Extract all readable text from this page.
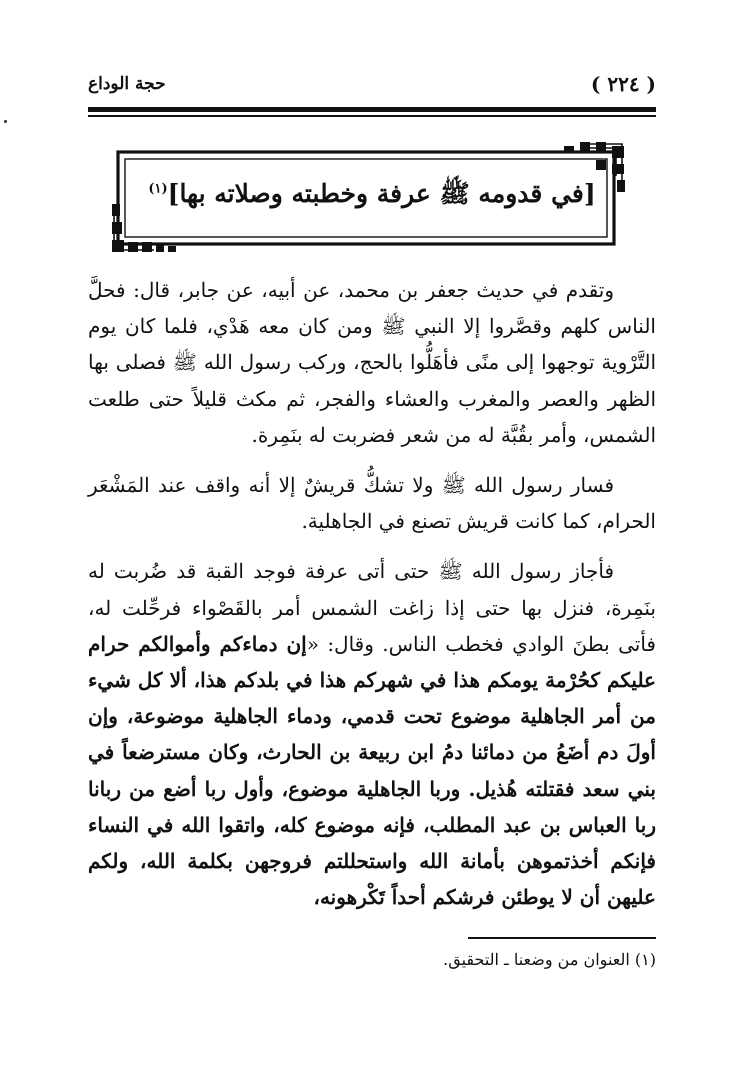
( ٢٢٤ )
حجة الوداع
[في قدومه ﷺ عرفة وخطبته وصلاته بها]$^{(١)}$

وتقدم في حديث جعفر بن محمد، عن أبيه، عن جابر، قال: فحلَّ الناس كلهم وقصَّروا إلا النبي ﷺ ومن كان معه هَدْي، فلما كان يوم التَّرْوية توجهوا إلى منًى فأهَلُّوا بالحج، وركب رسول الله ﷺ فصلى بها الظهر والعصر والمغرب والعشاء والفجر، ثم مكث قليلاً حتى طلعت الشمس، وأمر بقُبَّة له من شعر فضربت له بنَمِرة.

فسار رسول الله ﷺ ولا تشكُّ قريشٌ إلا أنه واقف عند المَشْعَر الحرام، كما كانت قريش تصنع في الجاهلية.

فأجاز رسول الله ﷺ حتى أتى عرفة فوجد القبة قد ضُربت له بنَمِرة، فنزل بها حتى إذا زاغت الشمس أمر بالقَصْواء فرحِّلت له، فأتى بطنَ الوادي فخطب الناس. وقال: «إن دماءكم وأموالكم حرام عليكم كحُرْمة يومكم هذا في شهركم هذا في بلدكم هذا، ألا كل شيء من أمر الجاهلية موضوع تحت قدمي، ودماء الجاهلية موضوعة، وإن أولَ دم أضَعُ من دمائنا دمُ ابن ربيعة بن الحارث، وكان مسترضعاً في بني سعد فقتلته هُذيل. وربا الجاهلية موضوع، وأول ربا أضع من ربانا ربا العباس بن عبد المطلب، فإنه موضوع كله، واتقوا الله في النساء فإنكم أخذتموهن بأمانة الله واستحللتم فروجهن بكلمة الله، ولكم عليهن أن لا يوطئن فرشكم أحداً تَكْرهونه،

(١) العنوان من وضعنا ـ التحقيق.
